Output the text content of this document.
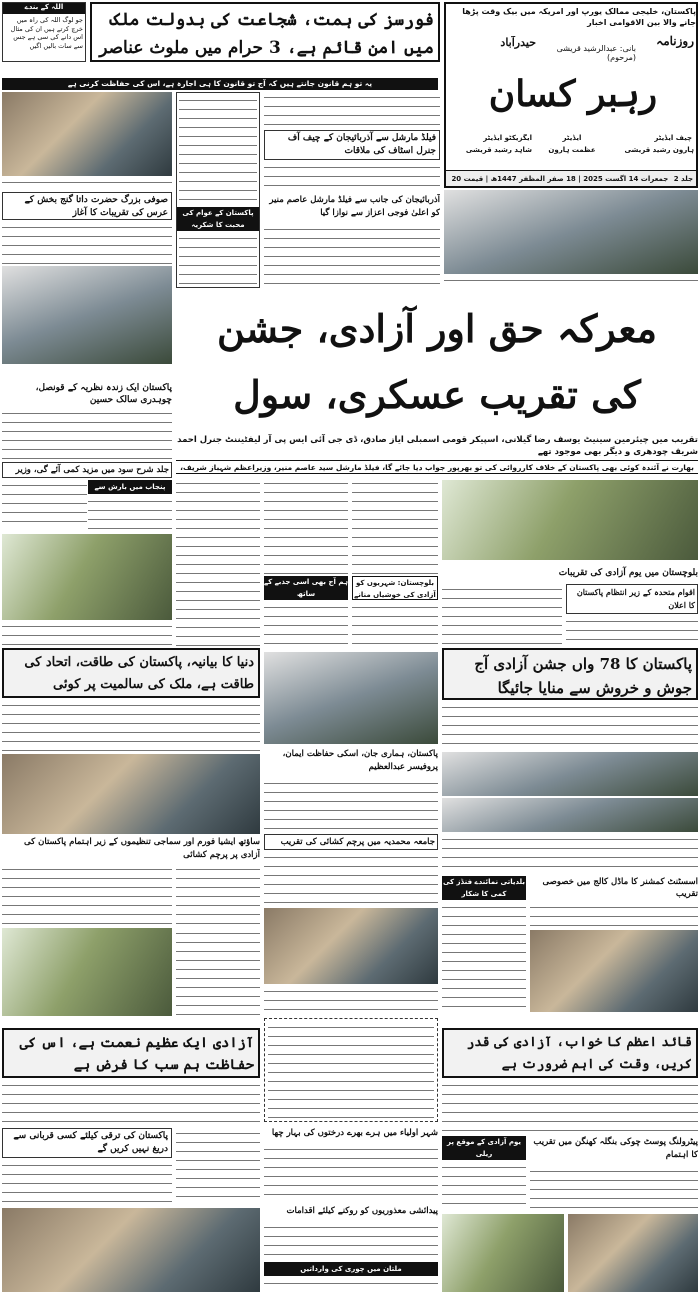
پاکستان، خلیجی ممالک یورپ اور امریکہ میں بیک وقت پڑھا جانے والا بین الاقوامی اخبار
روزنامہ
بانی: عبدالرشید قریشی (مرحوم)
حیدرآباد
رہبر کسان
چیف ایڈیٹر
ہارون رشید قریشی
ایڈیٹر
عظمت ہارون
ایگزیکٹو ایڈیٹر
شاہد رشید قریشی
جلد 2
جمعرات 14 اگست 2025 | 18 صفر المظفر 1447ھ | قیمت 20
اللہ کے بندے
جو لوگ اللہ کی راہ میں خرچ کرتے ہیں ان کی مثال اس دانے کی سی ہے جس سے سات بالیں اگیں
فورسز کی ہمت، شجاعت کی بدولت ملک میں امن قائم ہے، 3 حرام میں ملوث عناصر
یہ تو ہم قانون جانتے ہیں کہ آج تو قانون کا ہی اجارہ ہے، اس کی حفاظت کرنی ہے
صوفی بزرگ حضرت داتا گنج بخش کے عرس کی تقریبات کا آغاز
پاکستان ایک زندہ نظریہ کے قونصل، چوہدری سالک حسین
جلد شرح سود میں مزید کمی آئے گی، وزیر
پنجاب میں بارش سے
پاکستان کے عوام کی محبت کا شکریہ
فیلڈ مارشل سے آذربائیجان کے چیف آف جنرل اسٹاف کی ملاقات
آذربائیجان کی جانب سے فیلڈ مارشل عاصم منیر کو اعلیٰ فوجی اعزاز سے نوازا گیا
معرکہ حق اور آزادی، جشن کی تقریب عسکری، سول
تقریب میں چیئرمین سینیٹ یوسف رضا گیلانی، اسپیکر قومی اسمبلی ایاز صادق، ڈی جی آئی ایس پی آر لیفٹیننٹ جنرل احمد شریف چودھری و دیگر بھی موجود تھے
بھارت نے آئندہ کوئی بھی پاکستان کے خلاف کارروائی کی تو بھرپور جواب دیا جائے گا، فیلڈ مارشل سید عاصم منیر، وزیراعظم شہباز شریف،
ہم آج بھی اسی جذبے کے ساتھ
بلوچستان: شہریوں کو آزادی کی خوشیاں منانے
بلوچستان میں یوم آزادی کی تقریبات
اقوام متحدہ کے زیر انتظام پاکستان کا اعلان
دنیا کا بیانیہ، پاکستان کی طاقت، اتحاد کی طاقت ہے، ملک کی سالمیت پر کوئی
ساؤتھ ایشیا فورم اور سماجی تنظیموں کے زیر اہتمام پاکستان کی آزادی پر پرچم کشائی
پاکستان، ہماری جان، اسکی حفاظت ایمان، پروفیسر عبدالعظیم
جامعہ محمدیہ میں پرچم کشائی کی تقریب
پاکستان کا 78 واں جشن آزادی آج جوش و خروش سے منایا جائیگا
اسسٹنٹ کمشنر کا ماڈل کالج میں خصوصی تقریب
بلدیاتی نمائندے فنڈز کی کمی کا شکار
آزادی ایک عظیم نعمت ہے، اس کی حفاظت ہم سب کا فرض ہے
پاکستان کی ترقی کیلئے کسی قربانی سے دریغ نہیں کریں گے
شہر اولیاء میں ہرے بھرے درختوں کی بہار چھا
پیدائشی معذوریوں کو روکنے کیلئے اقدامات
ملتان میں چوری کی وارداتیں
قائد اعظم کا خواب، آزادی کی قدر کریں، وقت کی اہم ضرورت ہے
پیٹرولنگ پوسٹ چوکی بنگلہ کھنگن میں تقریب کا اہتمام
یوم آزادی کے موقع پر ریلی
